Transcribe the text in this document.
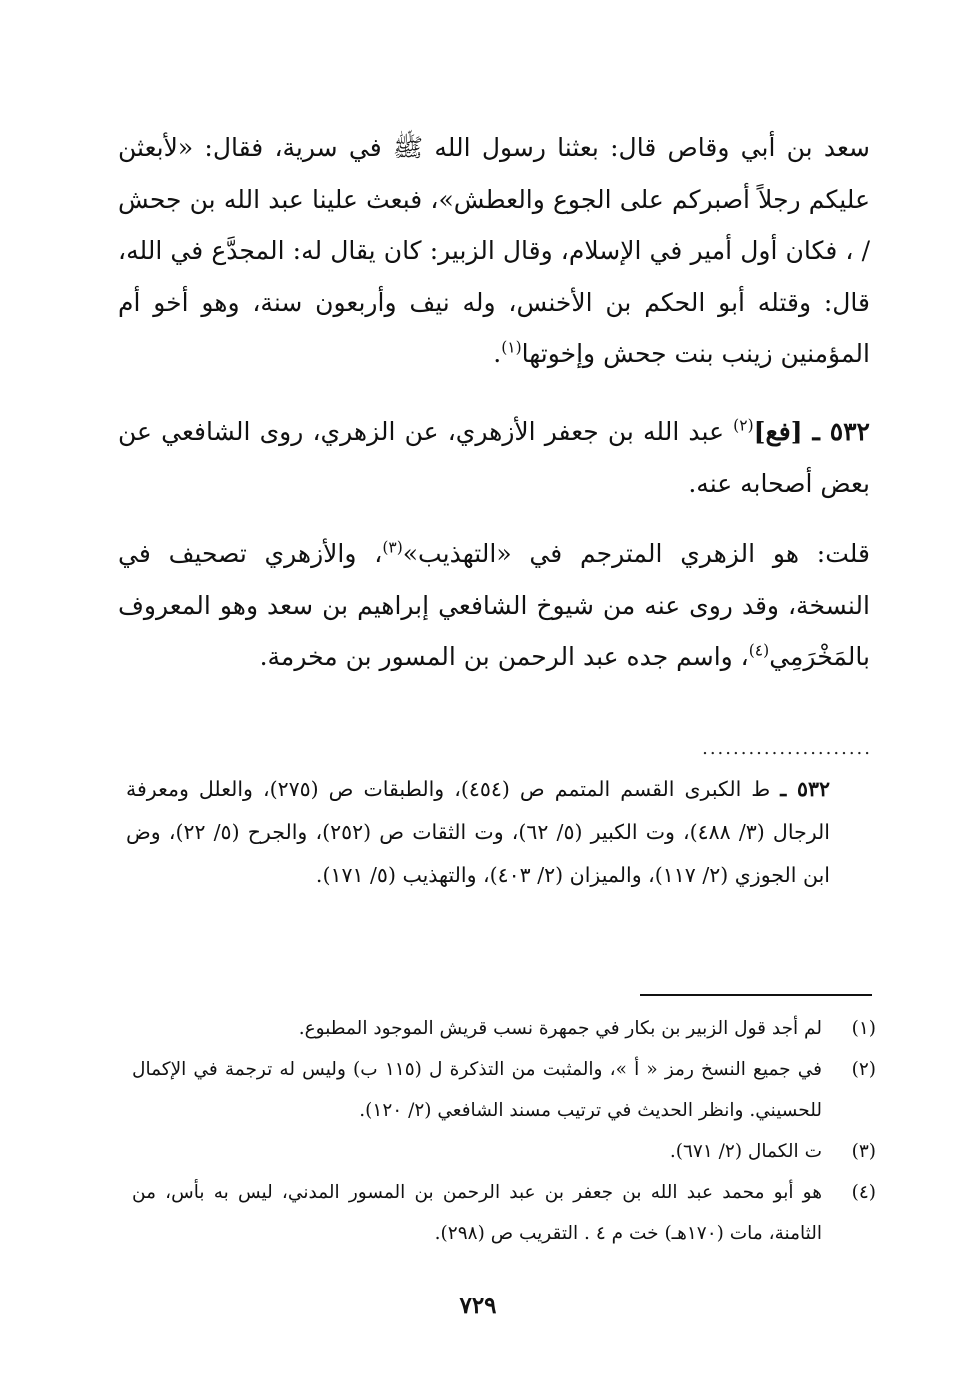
سعد بن أبي وقاص قال: بعثنا رسول الله ﷺ في سرية، فقال: «لأبعثن عليكم رجلاً أصبركم على الجوع والعطش»، فبعث علينا عبد الله بن جحش / ، فكان أول أمير في الإسلام، وقال الزبير: كان يقال له: المجدَّع في الله، قال: وقتله أبو الحكم بن الأخنس، وله نيف وأربعون سنة، وهو أخو أم المؤمنين زينب بنت جحش وإخوتها$^{(١)}$.
٥٣٢ ـ [فع]$^{(٢)}$ عبد الله بن جعفر الأزهري، عن الزهري، روى الشافعي عن بعض أصحابه عنه.
قلت: هو الزهري المترجم في «التهذيب»$^{(٣)}$، والأزهري تصحيف في النسخة، وقد روى عنه من شيوخ الشافعي إبراهيم بن سعد وهو المعروف بالمَخْرَمِي$^{(٤)}$، واسم جده عبد الرحمن بن المسور بن مخرمة.
......................
٥٣٢ ـ ط الكبرى القسم المتمم ص (٤٥٤)، والطبقات ص (٢٧٥)، والعلل ومعرفة الرجال (٣/ ٤٨٨)، وت الكبير (٥/ ٦٢)، وت الثقات ص (٢٥٢)، والجرح (٥/ ٢٢)، وض ابن الجوزي (٢/ ١١٧)، والميزان (٢/ ٤٠٣)، والتهذيب (٥/ ١٧١).
(١)
لم أجد قول الزبير بن بكار في جمهرة نسب قريش الموجود المطبوع.
(٢)
في جميع النسخ رمز « أ »، والمثبت من التذكرة ل (١١٥ ب) وليس له ترجمة في الإكمال للحسيني. وانظر الحديث في ترتيب مسند الشافعي (٢/ ١٢٠).
(٣)
ت الكمال (٢/ ٦٧١).
(٤)
هو أبو محمد عبد الله بن جعفر بن عبد الرحمن بن المسور المدني، ليس به بأس، من الثامنة، مات (١٧٠هـ) خت م ٤ . التقريب ص (٢٩٨).
٧٢٩
